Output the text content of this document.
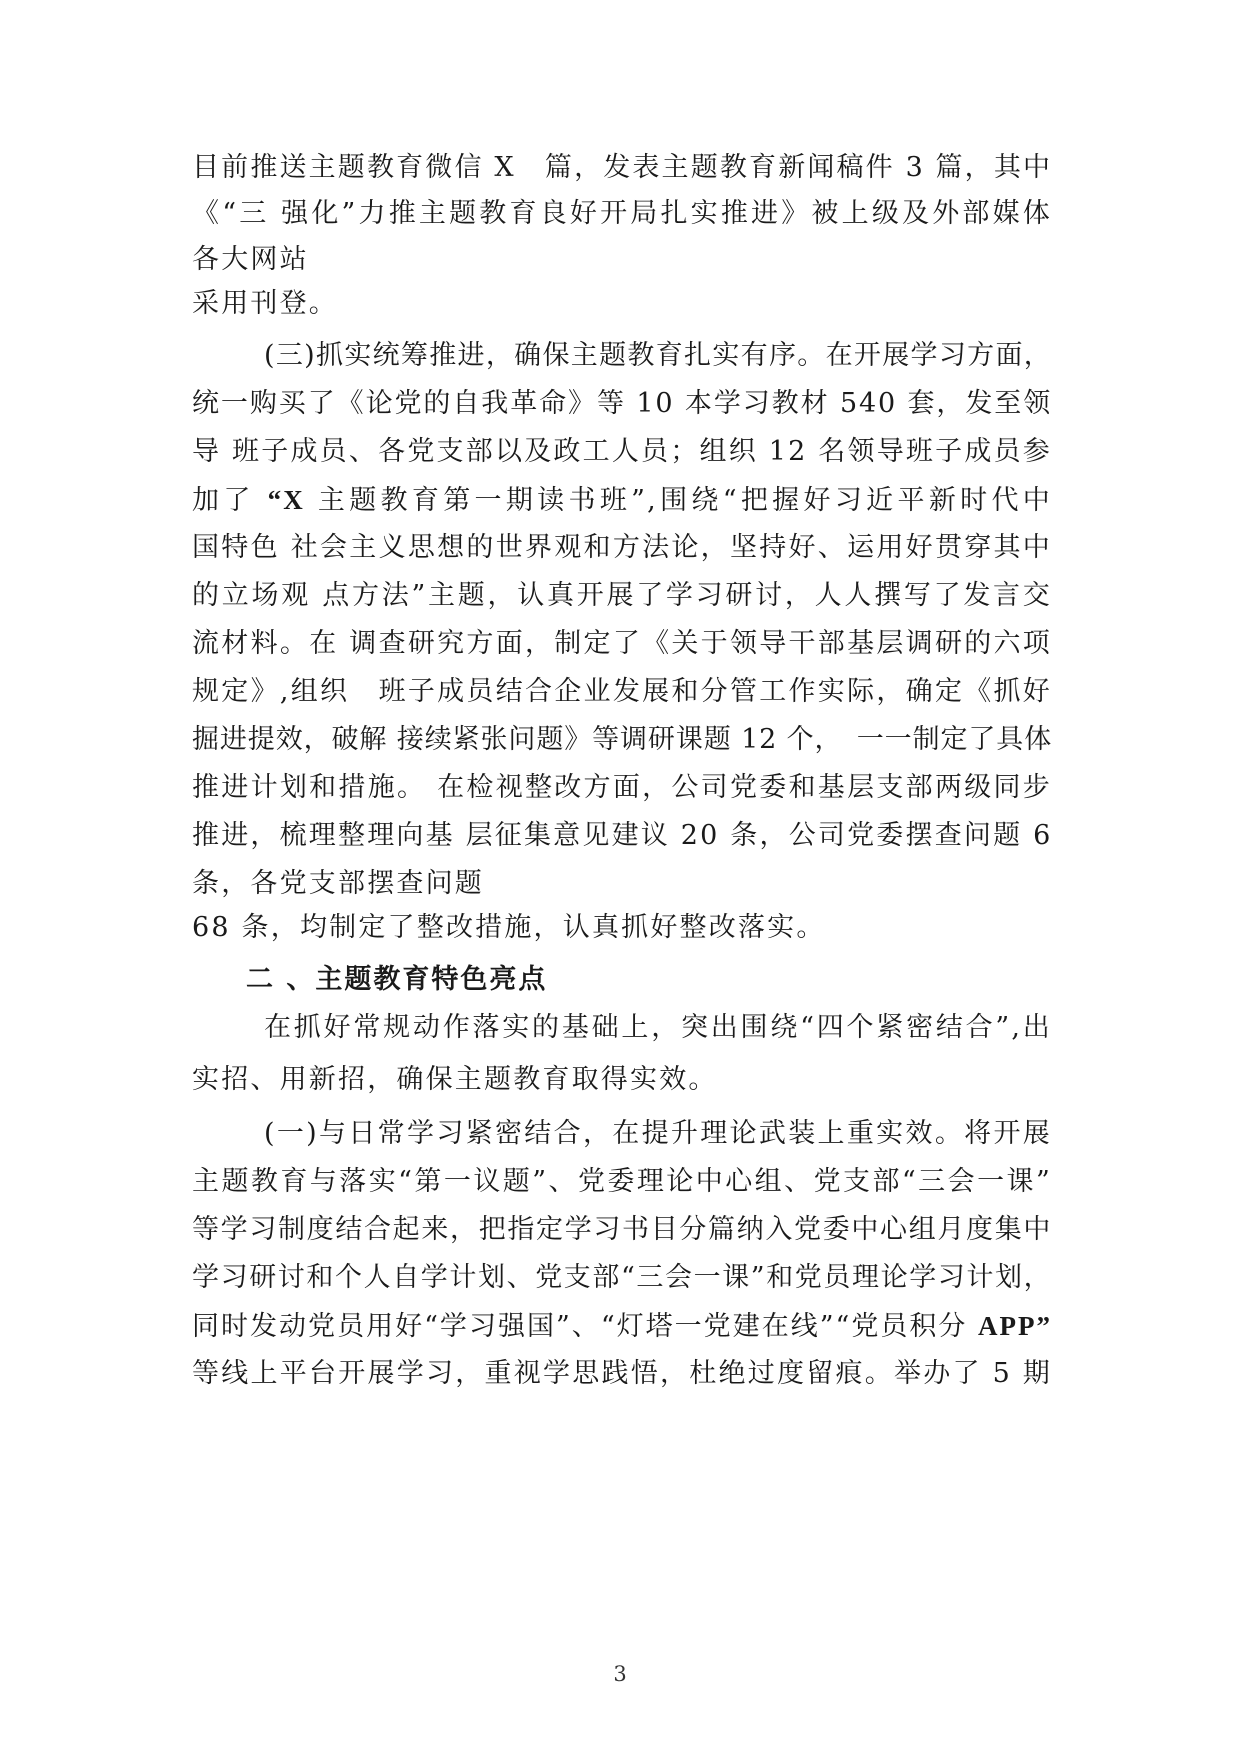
目前推送主题教育微信 X　篇，发表主题教育新闻稿件 3 篇，其中
《“三 强化”力推主题教育良好开局扎实推进》被上级及外部媒体
各大网站
采用刊登。
(三)抓实统筹推进，确保主题教育扎实有序。在开展学习方面，
统一购买了《论党的自我革命》等 10 本学习教材 540 套，发至领
导 班子成员、各党支部以及政工人员；组织 12 名领导班子成员参
加了 “X 主题教育第一期读书班”,围绕“把握好习近平新时代中
国特色 社会主义思想的世界观和方法论，坚持好、运用好贯穿其中
的立场观 点方法”主题，认真开展了学习研讨，人人撰写了发言交
流材料。在 调查研究方面，制定了《关于领导干部基层调研的六项
规定》,组织　班子成员结合企业发展和分管工作实际，确定《抓好
掘进提效，破解 接续紧张问题》等调研课题 12 个，　一一制定了具体
推进计划和措施。 在检视整改方面，公司党委和基层支部两级同步
推进，梳理整理向基 层征集意见建议 20 条，公司党委摆查问题 6
条，各党支部摆查问题
68 条，均制定了整改措施，认真抓好整改落实。
二 、主题教育特色亮点
在抓好常规动作落实的基础上，突出围绕“四个紧密结合”,出
实招、用新招，确保主题教育取得实效。
(一)与日常学习紧密结合，在提升理论武装上重实效。将开展
主题教育与落实“第一议题”、党委理论中心组、党支部“三会一课”
等学习制度结合起来，把指定学习书目分篇纳入党委中心组月度集中
学习研讨和个人自学计划、党支部“三会一课”和党员理论学习计划，
同时发动党员用好“学习强国”、“灯塔一党建在线”“党员积分 APP”
等线上平台开展学习，重视学思践悟，杜绝过度留痕。举办了 5 期
3
